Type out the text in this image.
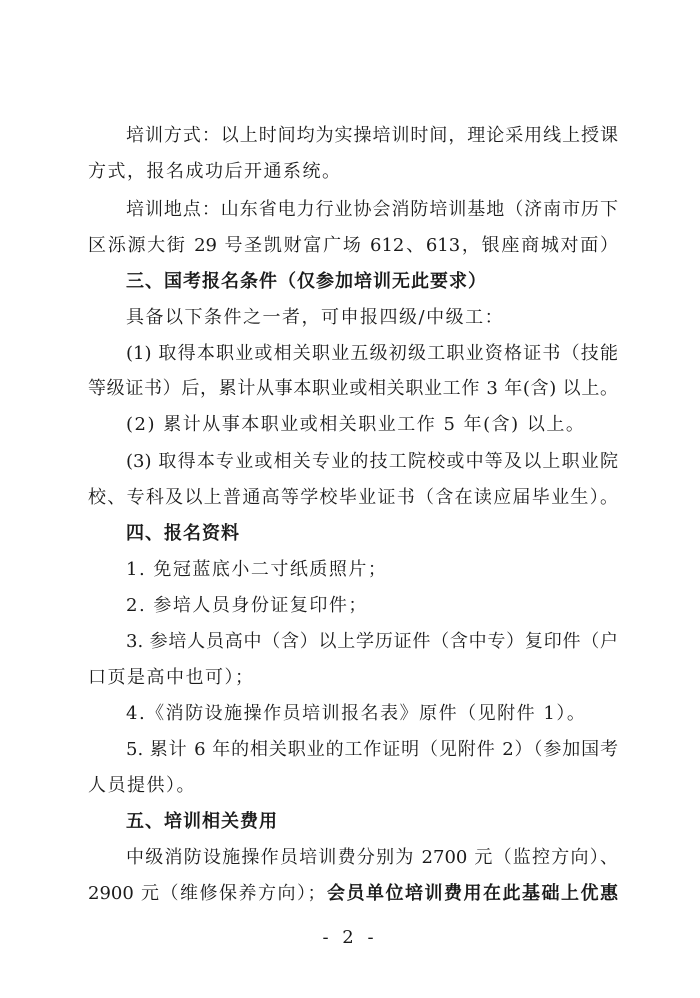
培训方式：以上时间均为实操培训时间，理论采用线上授课
方式，报名成功后开通系统。
培训地点：山东省电力行业协会消防培训基地（济南市历下
区泺源大街 29 号圣凯财富广场 612、613，银座商城对面）
三、国考报名条件（仅参加培训无此要求）
具备以下条件之一者，可申报四级/中级工：
(1) 取得本职业或相关职业五级初级工职业资格证书（技能
等级证书）后，累计从事本职业或相关职业工作 3 年(含) 以上。
(2) 累计从事本职业或相关职业工作 5 年(含) 以上。
(3) 取得本专业或相关专业的技工院校或中等及以上职业院
校、专科及以上普通高等学校毕业证书（含在读应届毕业生）。
四、报名资料
1. 免冠蓝底小二寸纸质照片；
2. 参培人员身份证复印件；
3. 参培人员高中（含）以上学历证件（含中专）复印件（户
口页是高中也可）；
4.《消防设施操作员培训报名表》原件（见附件 1）。
5. 累计 6 年的相关职业的工作证明（见附件 2）（参加国考
人员提供）。
五、培训相关费用
中级消防设施操作员培训费分别为 2700 元（监控方向）、
2900 元（维修保养方向）；会员单位培训费用在此基础上优惠
- 2 -
